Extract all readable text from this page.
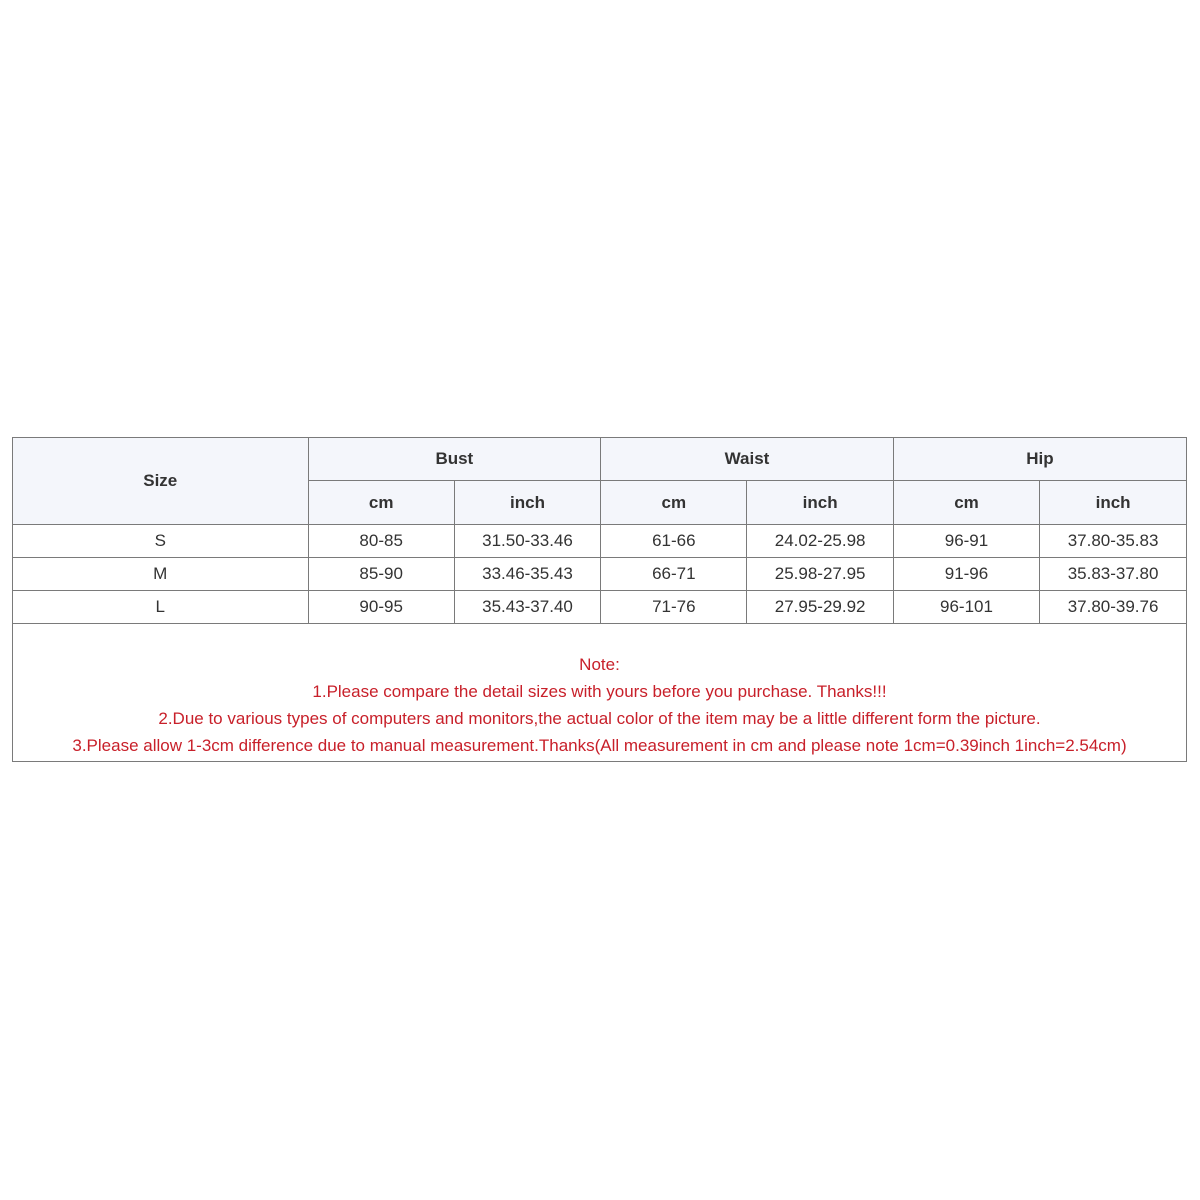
Size	Bust		Waist		Hip	
	cm	inch	cm	inch	cm	inch
S	80-85	31.50-33.46	61-66	24.02-25.98	96-91	37.80-35.83
M	85-90	33.46-35.43	66-71	25.98-27.95	91-96	35.83-37.80
L	90-95	35.43-37.40	71-76	27.95-29.92	96-101	37.80-39.76
Note:
1.Please compare the detail sizes with yours before you purchase. Thanks!!!
2.Due to various types of computers and monitors,the actual color of the item may be a little different form the picture.
3.Please allow 1-3cm difference due to manual measurement.Thanks(All measurement in cm and please note 1cm=0.39inch 1inch=2.54cm)
